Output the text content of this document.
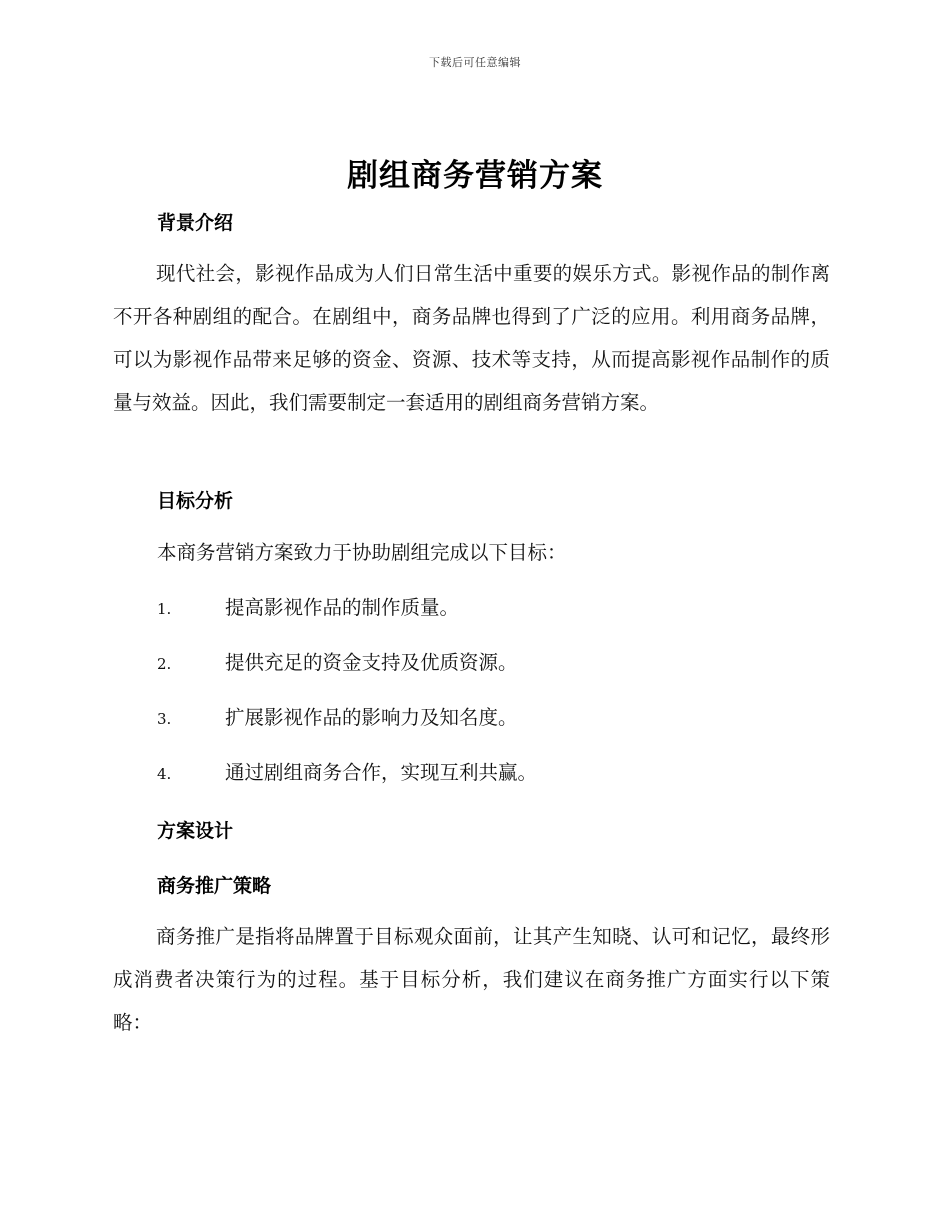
下载后可任意编辑
剧组商务营销方案
背景介绍

现代社会，影视作品成为人们日常生活中重要的娱乐方式。影视作品的制作离不开各种剧组的配合。在剧组中，商务品牌也得到了广泛的应用。利用商务品牌，可以为影视作品带来足够的资金、资源、技术等支持，从而提高影视作品制作的质量与效益。因此，我们需要制定一套适用的剧组商务营销方案。

目标分析

本商务营销方案致力于协助剧组完成以下目标：

1.	提高影视作品的制作质量。
2.	提供充足的资金支持及优质资源。
3.	扩展影视作品的影响力及知名度。
4.	通过剧组商务合作，实现互利共赢。
方案设计
商务推广策略

商务推广是指将品牌置于目标观众面前，让其产生知晓、认可和记忆，最终形成消费者决策行为的过程。基于目标分析，我们建议在商务推广方面实行以下策略：
